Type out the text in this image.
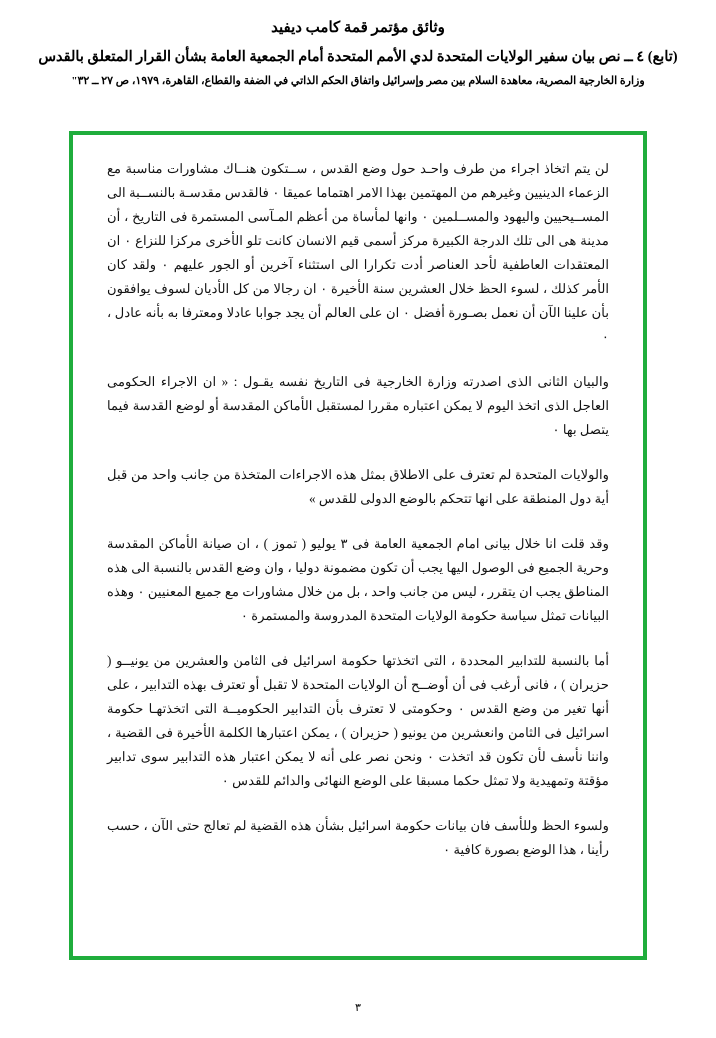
وثائق مؤتمر قمة كامب ديفيد
(تابع) ٤ ــ نص بيان سفير الولايات المتحدة لدي الأمم المتحدة أمام الجمعية العامة بشأن القرار المتعلق بالقدس
وزارة الخارجية المصرية، معاهدة السلام بين مصر وإسرائيل واتفاق الحكم الذاتي في الضفة والقطاع، القاهرة، ١٩٧٩، ص ٢٧ ــ ٣٢"

لن يتم اتخاذ اجراء من طرف واحـد حول وضع القدس ، ســتكون هنــاك مشاورات مناسبة مع الزعماء الدينيين وغيرهم من المهتمين بهذا الامر اهتماما عميقا ٠ فالقدس مقدسـة بالنســبة الى المســيحيين واليهود والمســلمين ٠ وانها لمأساة من أعظم المـآسى المستمرة فى التاريخ ، أن مدينة هى الى تلك الدرجة الكبيرة مركز أسمى قيم الانسان كانت تلو الأخرى مركزا للنزاع ٠ ان المعتقدات العاطفية لأحد العناصر أدت تكرارا الى استثناء آخرين أو الجور عليهم ٠ ولقد كان الأمر كذلك ، لسوء الحظ خلال العشرين سنة الأخيرة ٠ ان رجالا من كل الأديان لسوف يوافقون بأن علينا الآن أن نعمل بصـورة أفضل ٠ ان على العالم أن يجد جوابا عادلا ومعترفا به بأنه عادل ، ٠

والبيان الثانى الذى اصدرته وزارة الخارجية فى التاريخ نفسه يقـول : « ان الاجراء الحكومى العاجل الذى اتخذ اليوم لا يمكن اعتباره مقررا لمستقبل الأماكن المقدسة أو لوضع القدسة فيما يتصل بها ٠

والولايات المتحدة لم تعترف على الاطلاق بمثل هذه الاجراءات المتخذة من جانب واحد من قبل أية دول المنطقة على انها تتحكم بالوضع الدولى للقدس »

وقد قلت انا خلال بيانى امام الجمعية العامة فى ٣ يوليو ( تموز ) ، ان صيانة الأماكن المقدسة وحرية الجميع فى الوصول اليها يجب أن تكون مضمونة دوليا ، وان وضع القدس بالنسبة الى هذه المناطق يجب ان يتقرر ، ليس من جانب واحد ، بل من خلال مشاورات مع جميع المعنيين ٠ وهذه البيانات تمثل سياسة حكومة الولايات المتحدة المدروسة والمستمرة ٠

أما بالنسبة للتدابير المحددة ، التى اتخذتها حكومة اسرائيل فى الثامن والعشرين من يونيــو ( حزيران ) ، فانى أرغب فى أن أوضــح أن الولايات المتحدة لا تقبل أو تعترف بهذه التدابير ، على أنها تغير من وضع القدس ٠ وحكومتى لا تعترف بأن التدابير الحكوميــة التى اتخذتهـا حكومة اسرائيل فى الثامن وانعشرين من يونيو ( حزيران ) ، يمكن اعتبارها الكلمة الأخيرة فى القضية ، واننا نأسف لأن تكون قد اتخذت ٠ ونحن نصر على أنه لا يمكن اعتبار هذه التدابير سوى تدابير مؤقتة وتمهيدية ولا تمثل حكما مسبقا على الوضع النهائى والدائم للقدس ٠

ولسوء الحظ وللأسف فان بيانات حكومة اسرائيل بشأن هذه القضية لم تعالج حتى الآن ، حسب رأينا ، هذا الوضع بصورة كافية ٠

٣
